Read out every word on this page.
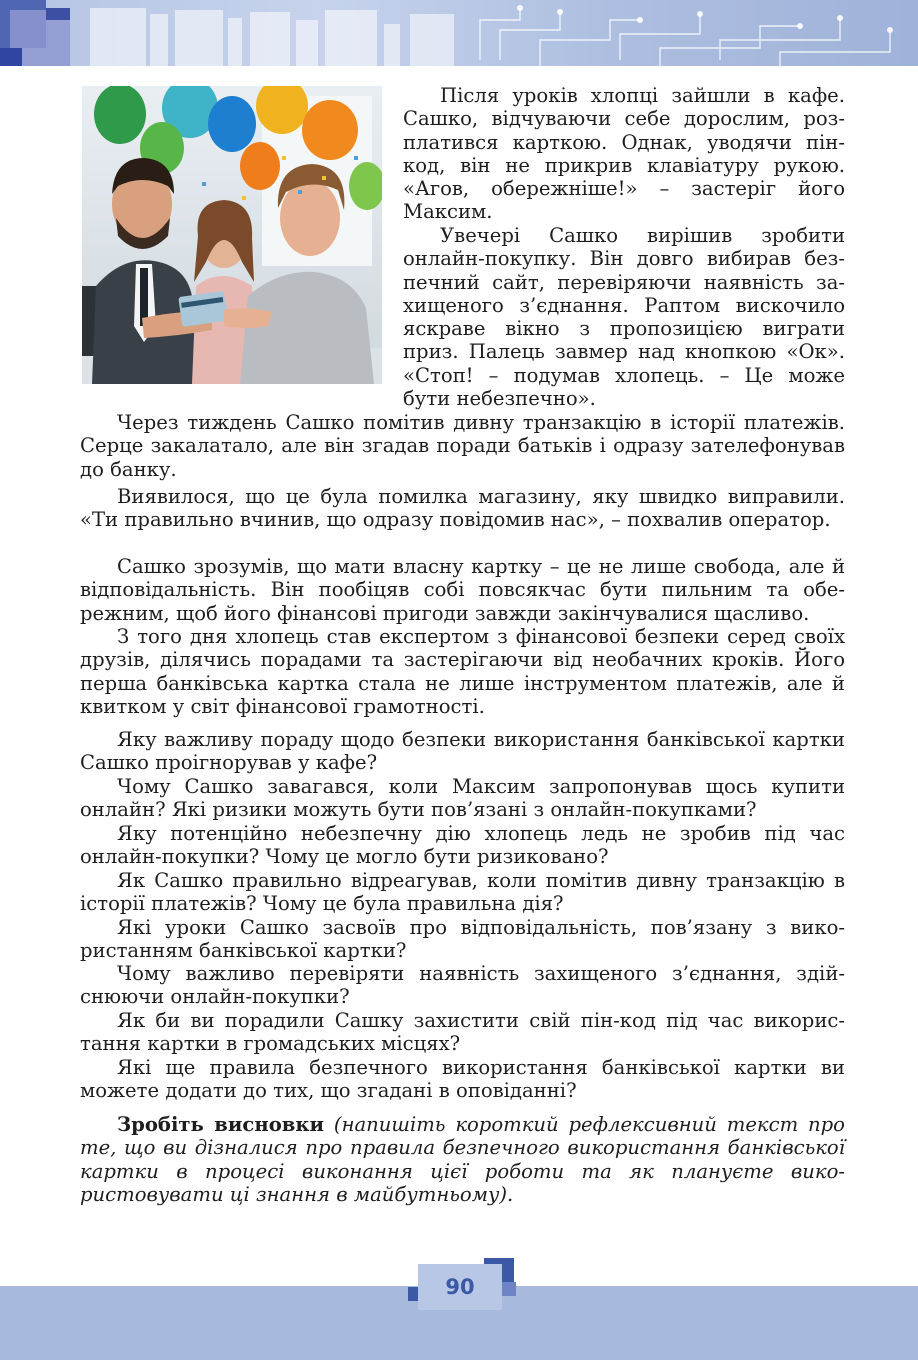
Після уроків хлопці зайшли в кафе. Сашко, відчуваючи себе дорослим, розплатився карткою. Однак, уводячи пінкод, він не прикрив клавіатуру рукою. «Агов, обережніше!» – застеріг його Максим.

Увечері Сашко вирішив зробити онлайн-покупку. Він довго вибирав безпечний сайт, перевіряючи наявність захищеного з’єднання. Раптом вискочило яскраве вікно з пропозицією виграти приз. Палець завмер над кнопкою «Ок». «Стоп! – подумав хлопець. – Це може бути небезпечно».

Через тиждень Сашко помітив дивну транзакцію в історії платежів. Серце закалатало, але він згадав поради батьків і одразу зателефонував до банку.

Виявилося, що це була помилка магазину, яку швидко виправили. «Ти правильно вчинив, що одразу повідомив нас», – похвалив оператор.

Сашко зрозумів, що мати власну картку – це не лише свобода, але й відповідальність. Він пообіцяв собі повсякчас бути пильним та обережним, щоб його фінансові пригоди завжди закінчувалися щасливо.

З того дня хлопець став експертом з фінансової безпеки серед своїх друзів, ділячись порадами та застерігаючи від необачних кроків. Його перша банківська картка стала не лише інструментом платежів, але й квитком у світ фінансової грамотності.

Яку важливу пораду щодо безпеки використання банківської картки Сашко проігнорував у кафе?

Чому Сашко завагався, коли Максим запропонував щось купити онлайн? Які ризики можуть бути пов’язані з онлайн-покупками?

Яку потенційно небезпечну дію хлопець ледь не зробив під час онлайн-покупки? Чому це могло бути ризиковано?

Як Сашко правильно відреагував, коли помітив дивну транзакцію в історії платежів? Чому це була правильна дія?

Які уроки Сашко засвоїв про відповідальність, пов’язану з використанням банківської картки?

Чому важливо перевіряти наявність захищеного з’єднання, здійснюючи онлайн-покупки?

Як би ви порадили Сашку захистити свій пін-код під час використання картки в громадських місцях?

Які ще правила безпечного використання банківської картки ви можете додати до тих, що згадані в оповіданні?

Зробіть висновки (напишіть короткий рефлексивний текст про те, що ви дізналися про правила безпечного використання банківської картки в процесі виконання цієї роботи та як плануєте використовувати ці знання в майбутньому).

90
